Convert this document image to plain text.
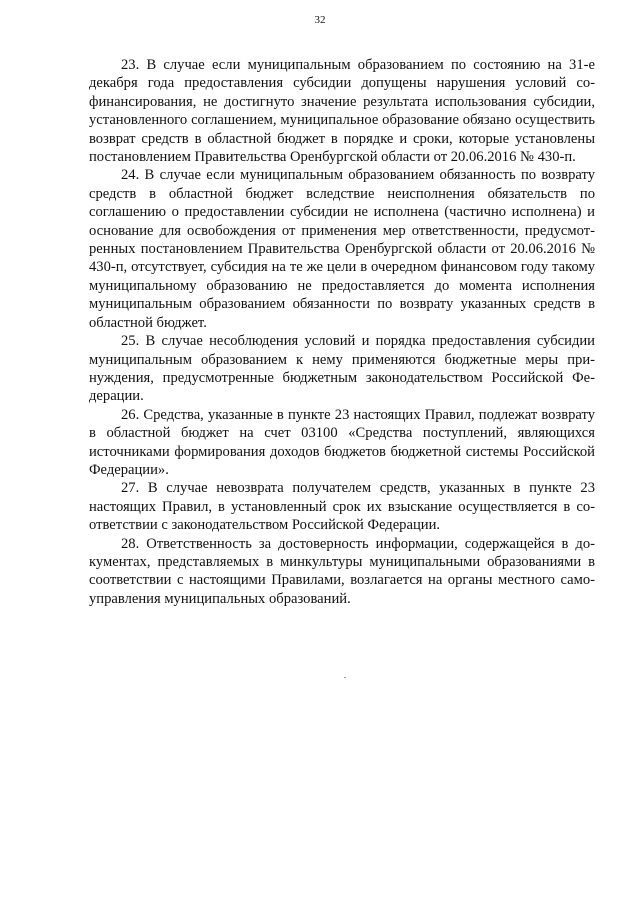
32

23. В случае если муниципальным образованием по состоянию на 31-е декабря года предоставления субсидии допущены нарушения условий софинансирования, не достигнуто значение результата использования субсидии, установленного соглашением, муниципальное образование обязано осуществить возврат средств в областной бюджет в порядке и сроки, которые установлены постановлением Правительства Оренбургской области от 20.06.2016 № 430-п.

24. В случае если муниципальным образованием обязанность по возврату средств в областной бюджет вследствие неисполнения обязательств по соглашению о предоставлении субсидии не исполнена (частично исполнена) и основание для освобождения от применения мер ответственности, предусмотренных постановлением Правительства Оренбургской области от 20.06.2016 № 430-п, отсутствует, субсидия на те же цели в очередном финансовом году такому муниципальному образованию не предоставляется до момента исполнения муниципальным образованием обязанности по возврату указанных средств в областной бюджет.

25. В случае несоблюдения условий и порядка предоставления субсидии муниципальным образованием к нему применяются бюджетные меры принуждения, предусмотренные бюджетным законодательством Российской Федерации.

26. Средства, указанные в пункте 23 настоящих Правил, подлежат возврату в областной бюджет на счет 03100 «Средства поступлений, являющихся источниками формирования доходов бюджетов бюджетной системы Российской Федерации».

27. В случае невозврата получателем средств, указанных в пункте 23 настоящих Правил, в установленный срок их взыскание осуществляется в соответствии с законодательством Российской Федерации.

28. Ответственность за достоверность информации, содержащейся в документах, представляемых в минкультуры муниципальными образованиями в соответствии с настоящими Правилами, возлагается на органы местного самоуправления муниципальных образований.
